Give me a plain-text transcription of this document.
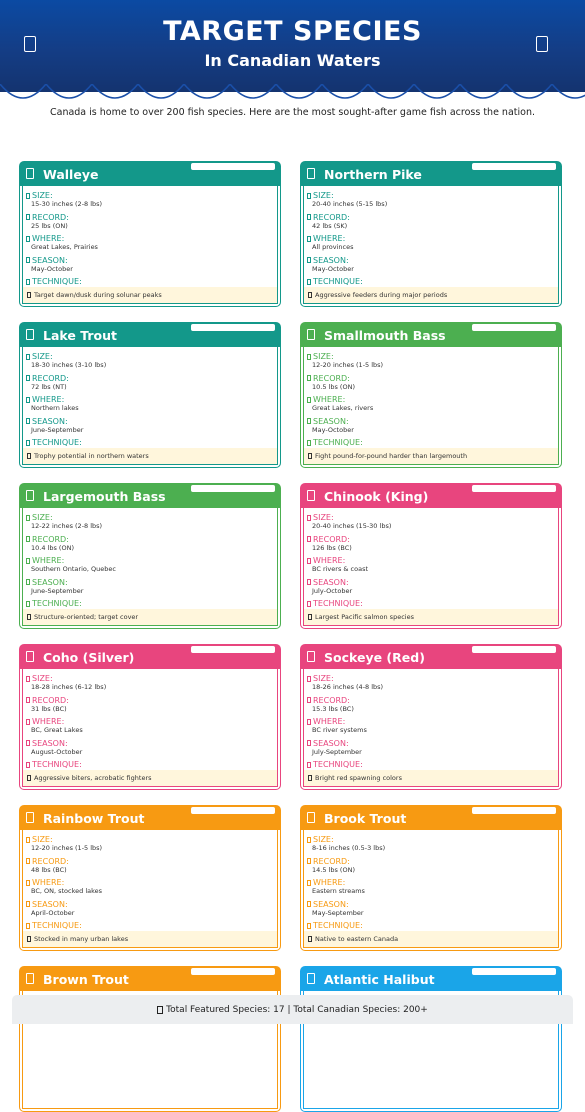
TARGET SPECIES
In Canadian Waters
Canada is home to over 200 fish species. Here are the most sought-after game fish across the nation.
Walleye
SIZE:
15-30 inches (2-8 lbs)
RECORD:
25 lbs (ON)
WHERE:
Great Lakes, Prairies
SEASON:
May-October
TECHNIQUE:
Target dawn/dusk during solunar peaks
Northern Pike
SIZE:
20-40 inches (5-15 lbs)
RECORD:
42 lbs (SK)
WHERE:
All provinces
SEASON:
May-October
TECHNIQUE:
Aggressive feeders during major periods
Lake Trout
SIZE:
18-30 inches (3-10 lbs)
RECORD:
72 lbs (NT)
WHERE:
Northern lakes
SEASON:
June-September
TECHNIQUE:
Trophy potential in northern waters
Smallmouth Bass
SIZE:
12-20 inches (1-5 lbs)
RECORD:
10.5 lbs (ON)
WHERE:
Great Lakes, rivers
SEASON:
May-October
TECHNIQUE:
Fight pound-for-pound harder than largemouth
Largemouth Bass
SIZE:
12-22 inches (2-8 lbs)
RECORD:
10.4 lbs (ON)
WHERE:
Southern Ontario, Quebec
SEASON:
June-September
TECHNIQUE:
Structure-oriented; target cover
Chinook (King)
SIZE:
20-40 inches (15-30 lbs)
RECORD:
126 lbs (BC)
WHERE:
BC rivers & coast
SEASON:
July-October
TECHNIQUE:
Largest Pacific salmon species
Coho (Silver)
SIZE:
18-28 inches (6-12 lbs)
RECORD:
31 lbs (BC)
WHERE:
BC, Great Lakes
SEASON:
August-October
TECHNIQUE:
Aggressive biters, acrobatic fighters
Sockeye (Red)
SIZE:
18-26 inches (4-8 lbs)
RECORD:
15.3 lbs (BC)
WHERE:
BC river systems
SEASON:
July-September
TECHNIQUE:
Bright red spawning colors
Rainbow Trout
SIZE:
12-20 inches (1-5 lbs)
RECORD:
48 lbs (BC)
WHERE:
BC, ON, stocked lakes
SEASON:
April-October
TECHNIQUE:
Stocked in many urban lakes
Brook Trout
SIZE:
8-16 inches (0.5-3 lbs)
RECORD:
14.5 lbs (ON)
WHERE:
Eastern streams
SEASON:
May-September
TECHNIQUE:
Native to eastern Canada
Brown Trout	Atlantic Halibut
Total Featured Species: 17 | Total Canadian Species: 200+
